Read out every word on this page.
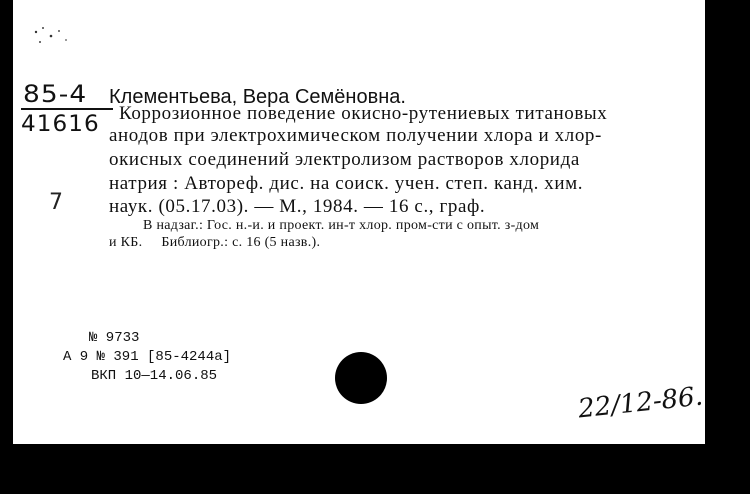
85-4
41616
7
Клементьева, Вера Семёновна.
Коррозионное поведение окисно-рутениевых титановых
анодов при электрохимическом получении хлора и хлор-
окисных соединений электролизом растворов хлорида
натрия : Автореф. дис. на соиск. учен. степ. канд. хим.
наук. (05.17.03). — М., 1984. — 16 с., граф.
В надзаг.: Гос. н.-и. и проект. ин-т хлор. пром-сти с опыт. з-дом
и КБ.     Библиогр.: с. 16 (5 назв.).
№ 9733
А 9 № 391 [85-4244а]
ВКП 10—14.06.85
22/12-86.
